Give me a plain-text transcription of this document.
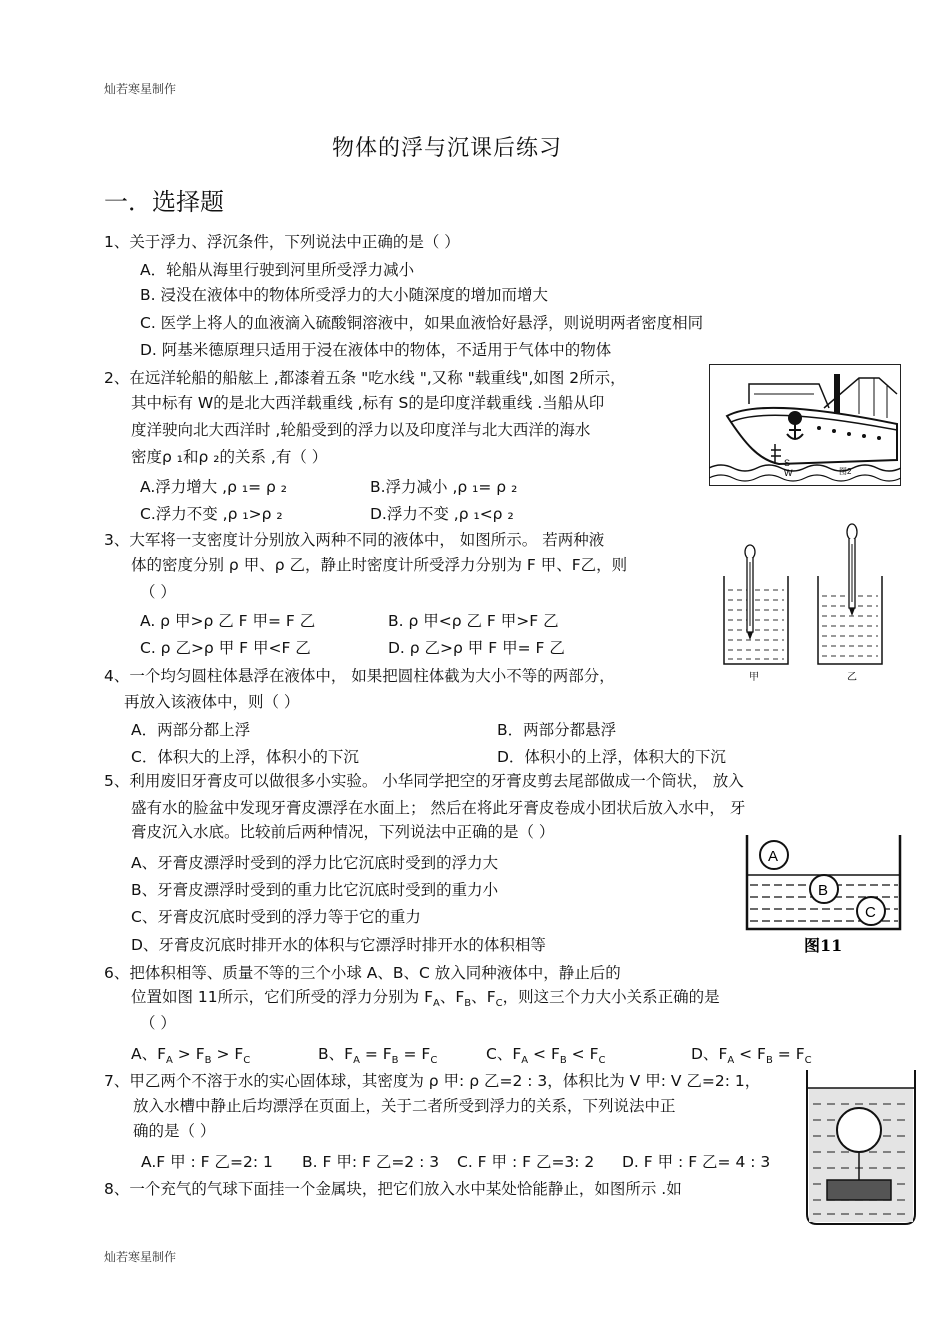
灿若寒星制作
灿若寒星制作
物体的浮与沉课后练习
一．选择题
1、关于浮力、浮沉条件，下列说法中正确的是（ ）
A．轮船从海里行驶到河里所受浮力减小
B. 浸没在液体中的物体所受浮力的大小随深度的增加而增大
C. 医学上将人的血液滴入硫酸铜溶液中，如果血液恰好悬浮，则说明两者密度相同
D. 阿基米德原理只适用于浸在液体中的物体，不适用于气体中的物体
2、在远洋轮船的船舷上 ,都漆着五条 "吃水线 ",又称 "载重线",如图 2所示，
其中标有 W的是北大西洋载重线 ,标有 S的是印度洋载重线 .当船从印
度洋驶向北大西洋时 ,轮船受到的浮力以及印度洋与北大西洋的海水
密度ρ ₁和ρ ₂的关系 ,有（ ）
A.浮力增大 ,ρ ₁= ρ ₂	B.浮力减小 ,ρ ₁= ρ ₂
C.浮力不变 ,ρ ₁>ρ ₂	D.浮力不变 ,ρ ₁<ρ ₂
S
W	图2
3、大军将一支密度计分别放入两种不同的液体中， 如图所示。 若两种液
体的密度分别 ρ 甲、ρ 乙，静止时密度计所受浮力分别为 F 甲、F乙，则
（ ）
A. ρ 甲>ρ 乙 F 甲= F 乙	B. ρ 甲<ρ 乙 F 甲>F 乙
C. ρ 乙>ρ 甲 F 甲<F 乙	D. ρ 乙>ρ 甲 F 甲= F 乙
甲	乙
4、一个均匀圆柱体悬浮在液体中， 如果把圆柱体截为大小不等的两部分，
再放入该液体中，则（ ）
A．两部分都上浮	B．两部分都悬浮
C．体积大的上浮，体积小的下沉	D．体积小的上浮，体积大的下沉
5、利用废旧牙膏皮可以做很多小实验。 小华同学把空的牙膏皮剪去尾部做成一个筒状， 放入
盛有水的脸盆中发现牙膏皮漂浮在水面上； 然后在将此牙膏皮卷成小团状后放入水中， 牙
膏皮沉入水底。比较前后两种情况，下列说法中正确的是（ ）
A、牙膏皮漂浮时受到的浮力比它沉底时受到的浮力大
B、牙膏皮漂浮时受到的重力比它沉底时受到的重力小
C、牙膏皮沉底时受到的浮力等于它的重力
D、牙膏皮沉底时排开水的体积与它漂浮时排开水的体积相等
A
B
C
图11
6、把体积相等、质量不等的三个小球 A、B、C 放入同种液体中，静止后的
位置如图 11所示，它们所受的浮力分别为 $F_A$、$F_B$、$F_C$，则这三个力大小关系正确的是
（ ）
A、$F_A > F_B > F_C$	B、$F_A = F_B = F_C$	C、$F_A < F_B < F_C$	D、$F_A < F_B = F_C$
7、甲乙两个不溶于水的实心固体球，其密度为 ρ 甲: ρ 乙=2 : 3，体积比为 V 甲: V 乙=2: 1，
放入水槽中静止后均漂浮在页面上，关于二者所受到浮力的关系，下列说法中正
确的是（ ）
A.F 甲 : F 乙=2: 1 B. F 甲: F 乙=2 : 3 C. F 甲 : F 乙=3: 2 D. F 甲 : F 乙= 4 : 3
8、一个充气的气球下面挂一个金属块，把它们放入水中某处恰能静止，如图所示 .如
